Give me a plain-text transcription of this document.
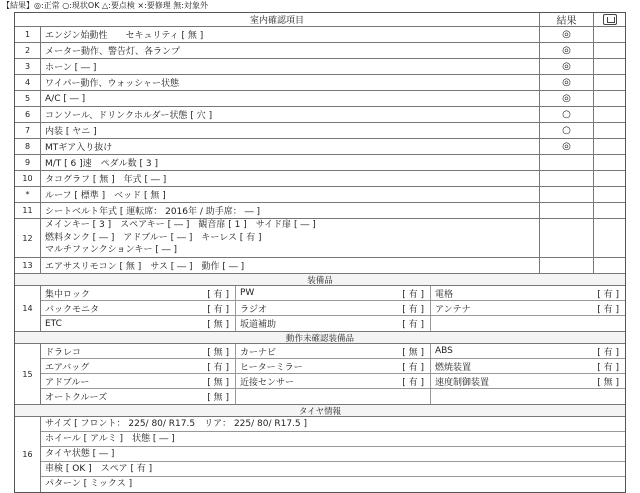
【結果】◎:正常 ○:現状OK △:要点検 ×:要修理 無:対象外
室内確認項目	結果
1	エンジン始動性　　セキュリティ [ 無 ]	◎
2	メーター動作、警告灯、各ランプ	◎
3	ホーン [ ― ]	◎
4	ワイパー動作、ウォッシャー状態	◎
5	A/C [ ― ]	◎
6	コンソール、ドリンクホルダー状態 [ 穴 ]	○
7	内装 [ ヤニ ]	○
8	MTギア入り抜け	◎
9	M/T [ 6 ]速　ペダル数 [ 3 ]
10	タコグラフ [ 無 ]　年式 [ ― ]
*	ルーフ [ 標準 ]　ベッド [ 無 ]
11	シートベルト年式 [ 運転席： 2016年 / 助手席： ― ]
12
メインキー [ 3 ]　スペアキー [ ― ]　観音扉 [ 1 ]　サイド扉 [ ― ]
燃料タンク [ ― ]　アドブルー [ ― ]　キーレス [ 有 ]
マルチファンクションキー [ ― ]
13	エアサスリモコン [ 無 ]　サス [ ― ]　動作 [ ― ]
装備品
14
集中ロック	[ 有 ] PW	[ 有 ] 電格	[ 有 ]
バックモニタ	[ 有 ] ラジオ	[ 有 ] アンテナ	[ 有 ]
ETC	[ 無 ] 坂道補助	[ 有 ]
動作未確認装備品
15
ドラレコ	[ 無 ] カーナビ	[ 無 ] ABS	[ 有 ]
エアバッグ	[ 有 ] ヒーターミラー	[ 有 ] 燃焼装置	[ 有 ]
アドブルー	[ 無 ] 近接センサー	[ 有 ] 速度制御装置	[ 無 ]
オートクルーズ	[ 無 ]
タイヤ情報
16
サイズ [ フロント： 225/ 80/ R17.5　リア： 225/ 80/ R17.5 ]
ホイール [ アルミ ]　状態 [ ― ]
タイヤ状態 [ ― ]
車検 [ OK ]　スペア [ 有 ]
パターン [ ミックス ]
